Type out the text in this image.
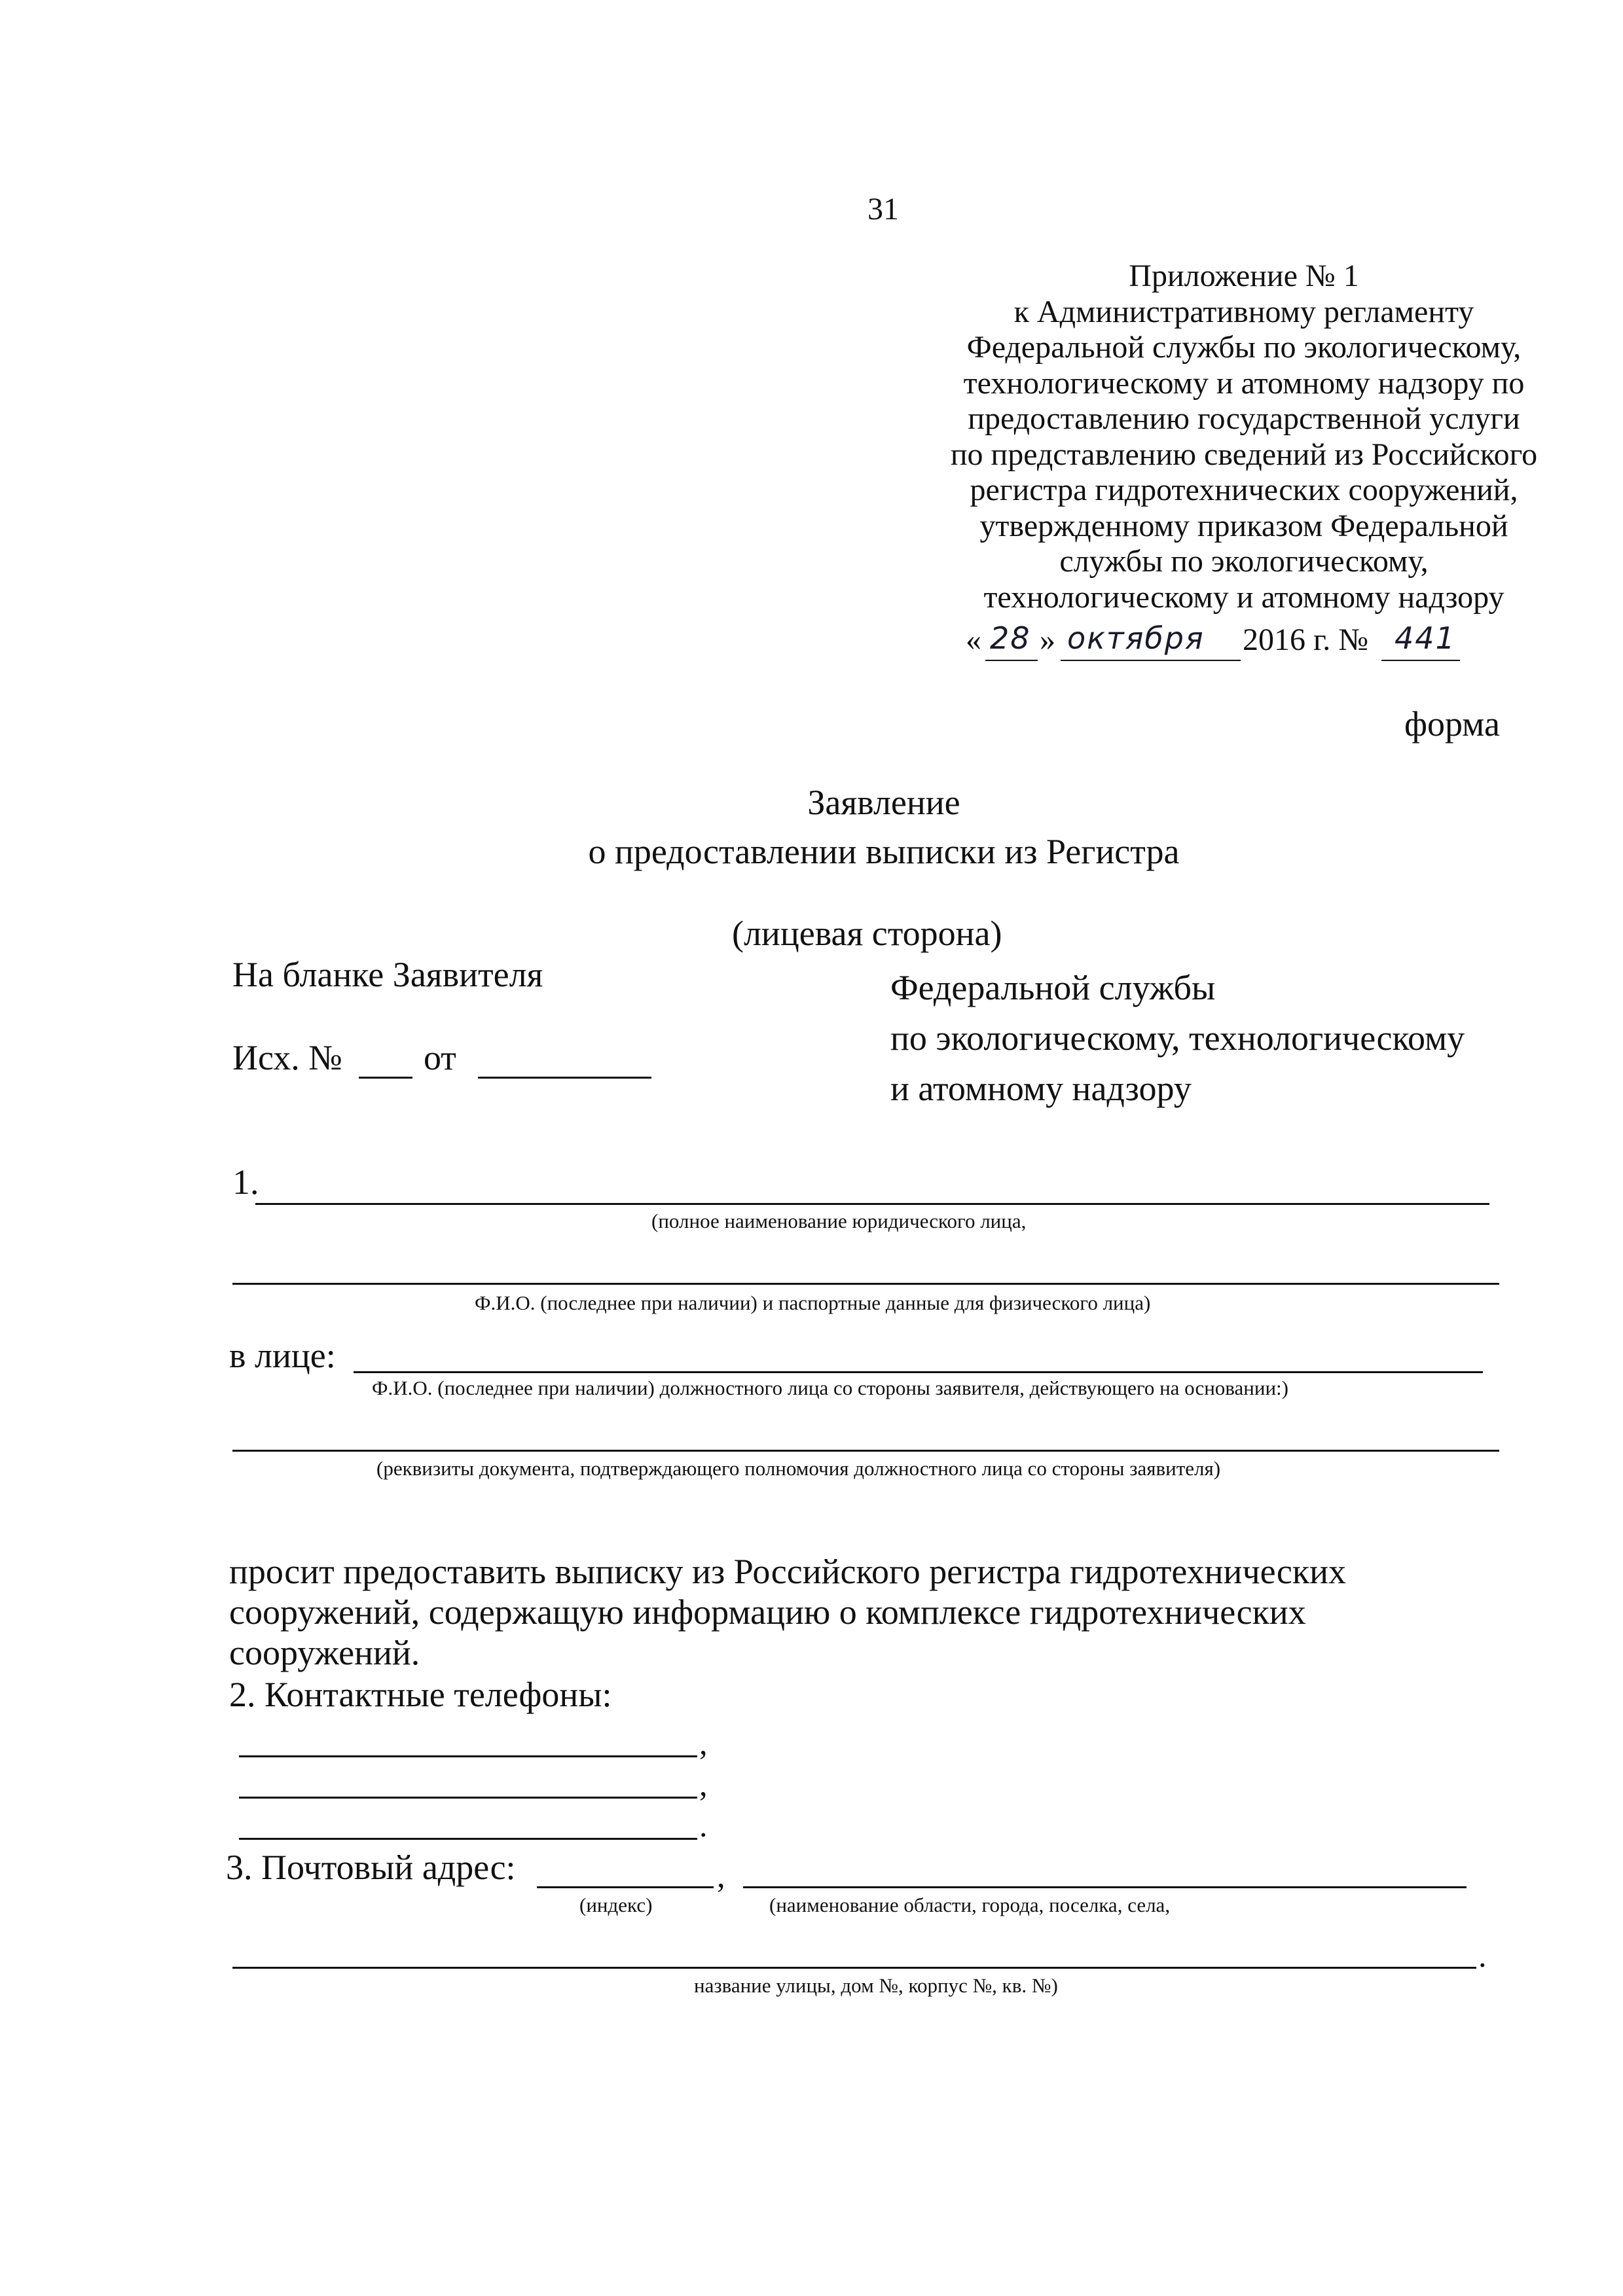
31
Приложение № 1
к Административному регламенту
Федеральной службы по экологическому,
технологическому и атомному надзору по
предоставлению государственной услуги
по представлению сведений из Российского
регистра гидротехнических сооружений,
утвержденному приказом Федеральной
службы по экологическому,
технологическому и атомному надзору
« 28 » октября 2016 г. № 441
форма
Заявление
о предоставлении выписки из Регистра
(лицевая сторона)
На бланке Заявителя
Исх. № от
Федеральной службы
по экологическому, технологическому
и атомному надзору
1.
(полное наименование юридического лица,
Ф.И.О. (последнее при наличии) и паспортные данные для физического лица)
в лице:
Ф.И.О. (последнее при наличии) должностного лица со стороны заявителя, действующего на основании:)
(реквизиты документа, подтверждающего полномочия должностного лица со стороны заявителя)
просит предоставить выписку из Российского регистра гидротехнических
сооружений, содержащую информацию о комплексе гидротехнических
сооружений.
2. Контактные телефоны:
,
,
.
3. Почтовый адрес:	,
(индекс)	(наименование области, города, поселка, села,
.
название улицы, дом №, корпус №, кв. №)
